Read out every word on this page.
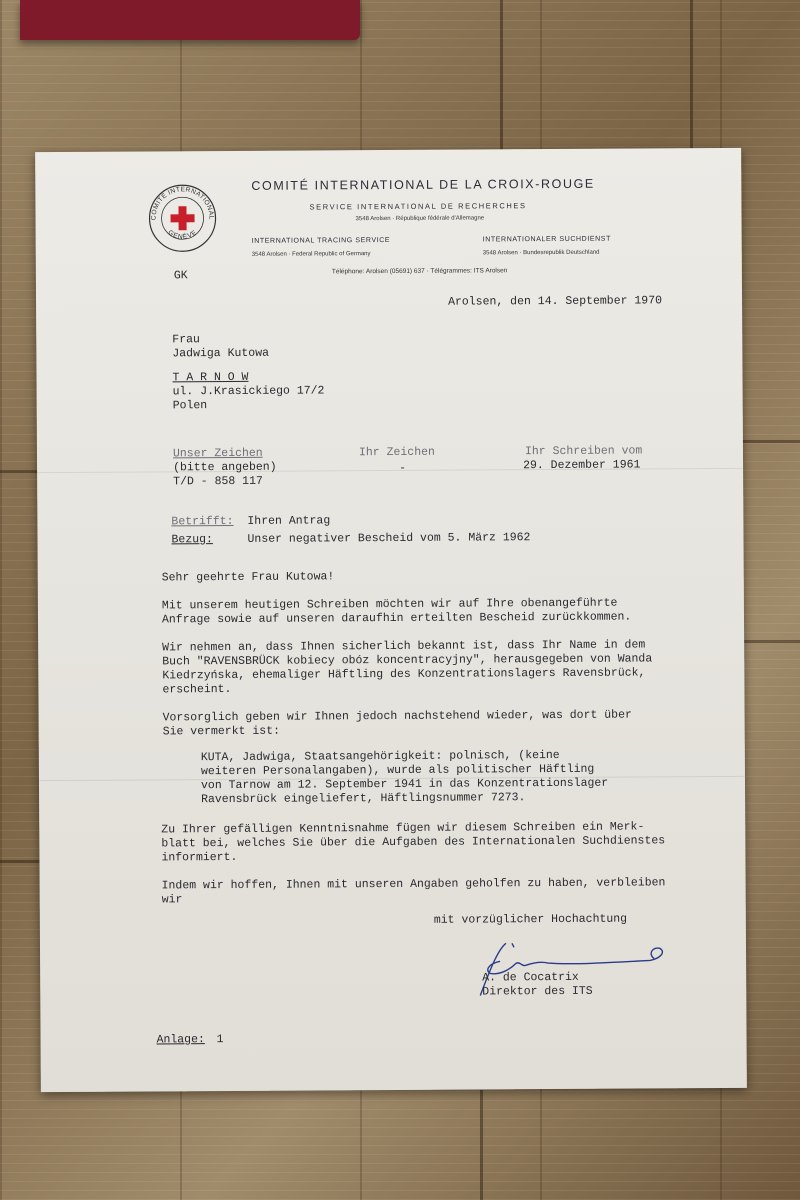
COMITÉ INTERNATIONAL
GENÈVE
COMITÉ INTERNATIONAL DE LA CROIX-ROUGE
SERVICE INTERNATIONAL DE RECHERCHES
3548 Arolsen · République fédérale d'Allemagne
INTERNATIONAL TRACING SERVICE
3548 Arolsen · Federal Republic of Germany
INTERNATIONALER SUCHDIENST
3548 Arolsen · Bundesrepublik Deutschland
Téléphone: Arolsen (05691) 637 · Télégrammes: ITS Arolsen
GK
Arolsen, den 14. September 1970
Frau
Jadwiga Kutowa
T A R N O W
ul. J.Krasickiego 17/2
Polen
Unser Zeichen
(bitte angeben)
T/D - 858 117
Ihr Zeichen
-
Ihr Schreiben vom
29. Dezember 1961
Betrifft: Ihren Antrag
Bezug:	Unser negativer Bescheid vom 5. März 1962
Sehr geehrte Frau Kutowa!
Mit unserem heutigen Schreiben möchten wir auf Ihre obenangeführte
Anfrage sowie auf unseren daraufhin erteilten Bescheid zurückkommen.
Wir nehmen an, dass Ihnen sicherlich bekannt ist, dass Ihr Name in dem
Buch "RAVENSBRÜCK kobiecy obóz koncentracyjny", herausgegeben von Wanda
Kiedrzyńska, ehemaliger Häftling des Konzentrationslagers Ravensbrück,
erscheint.
Vorsorglich geben wir Ihnen jedoch nachstehend wieder, was dort über
Sie vermerkt ist:
KUTA, Jadwiga, Staatsangehörigkeit: polnisch, (keine
weiteren Personalangaben), wurde als politischer Häftling
von Tarnow am 12. September 1941 in das Konzentrationslager
Ravensbrück eingeliefert, Häftlingsnummer 7273.
Zu Ihrer gefälligen Kenntnisnahme fügen wir diesem Schreiben ein Merk-
blatt bei, welches Sie über die Aufgaben des Internationalen Suchdienstes
informiert.
Indem wir hoffen, Ihnen mit unseren Angaben geholfen zu haben, verbleiben
wir
mit vorzüglicher Hochachtung
A. de Cocatrix
Direktor des ITS
Anlage: 1
